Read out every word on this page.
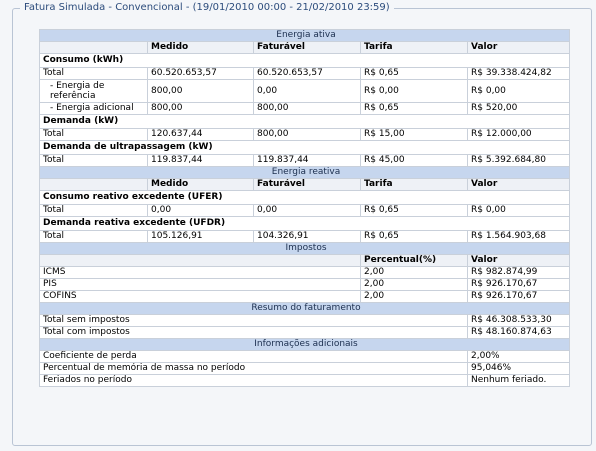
Fatura Simulada - Convencional - (19/01/2010 00:00 - 21/02/2010 23:59)
Energia ativa				
	Medido	Faturável	Tarifa	Valor
Consumo (kWh)				
Total	60.520.653,57	60.520.653,57	R$ 0,65	R$ 39.338.424,82
- Energia de referência	800,00	0,00	R$ 0,00	R$ 0,00
- Energia adicional	800,00	800,00	R$ 0,65	R$ 520,00
Demanda (kW)				
Total	120.637,44	800,00	R$ 15,00	R$ 12.000,00
Demanda de ultrapassagem (kW)				
Total	119.837,44	119.837,44	R$ 45,00	R$ 5.392.684,80
Energia reativa				
	Medido	Faturável	Tarifa	Valor
Consumo reativo excedente (UFER)				
Total	0,00	0,00	R$ 0,65	R$ 0,00
Demanda reativa excedente (UFDR)				
Total	105.126,91	104.326,91	R$ 0,65	R$ 1.564.903,68
Impostos				
			Percentual(%)	Valor
ICMS			2,00	R$ 982.874,99
PIS			2,00	R$ 926.170,67
COFINS			2,00	R$ 926.170,67
Resumo do faturamento				
Total sem impostos				R$ 46.308.533,30
Total com impostos				R$ 48.160.874,63
Informações adicionais				
Coeficiente de perda				2,00%
Percentual de memória de massa no período				95,046%
Feriados no período				Nenhum feriado.
